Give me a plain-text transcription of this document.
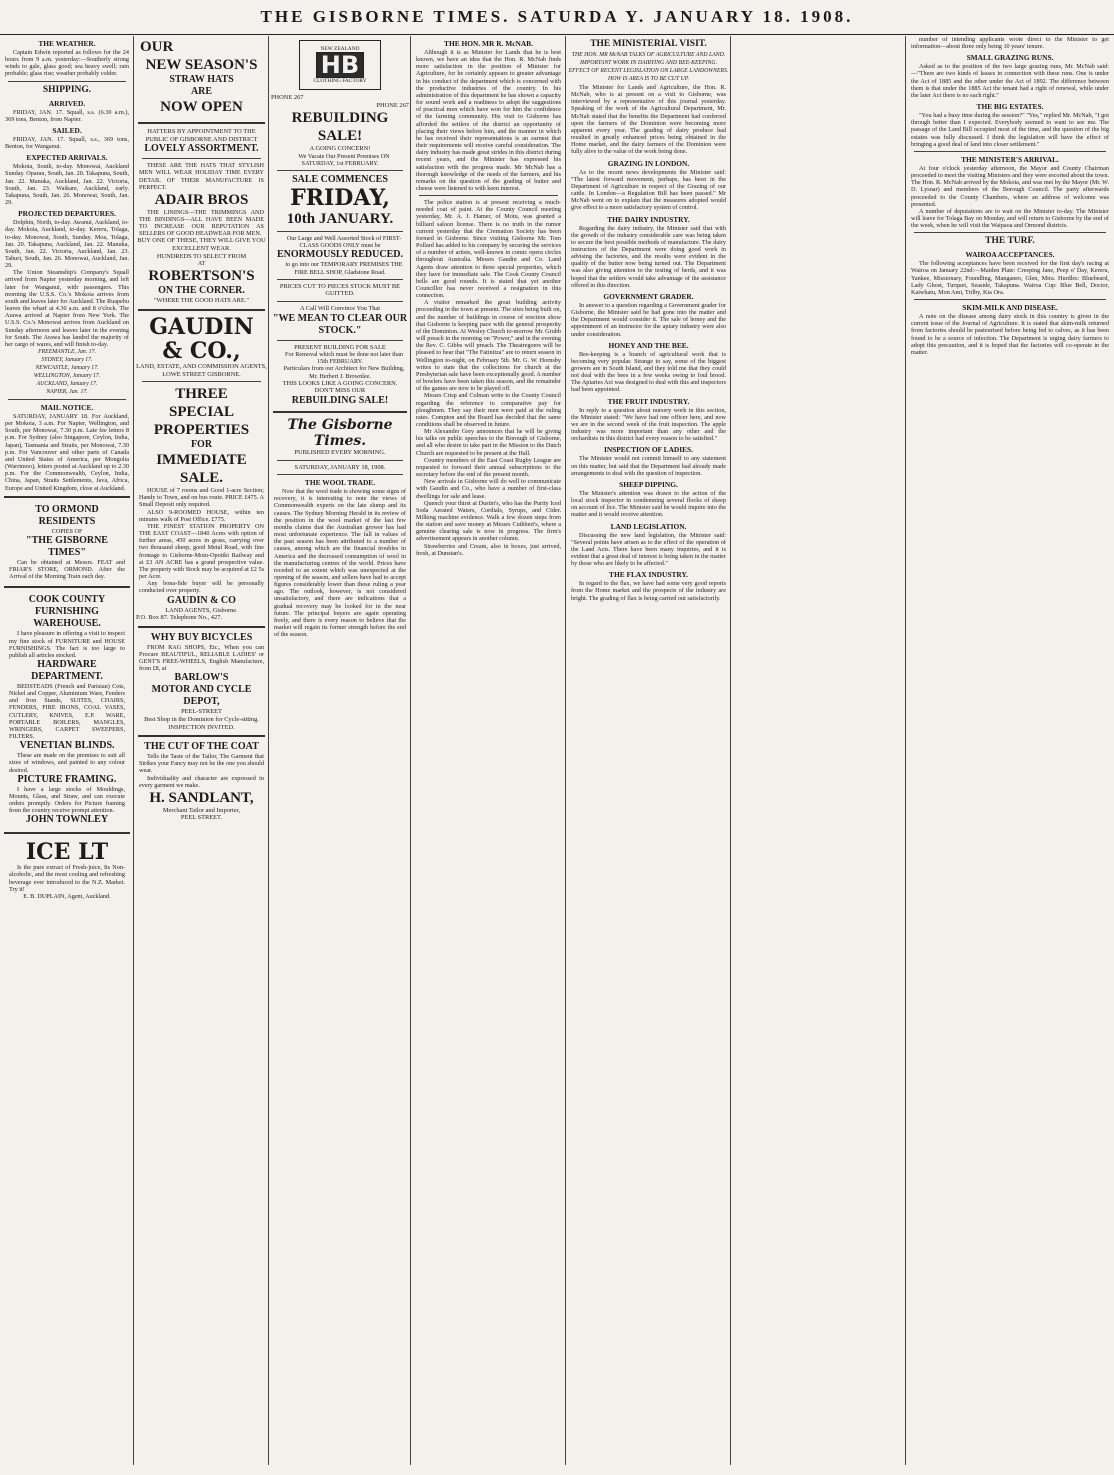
THE GISBORNE TIMES. SATURDA Y. JANUARY 18. 1908.
THE WEATHER.
Captain Edwin reported as follows for the 24 hours from 9 a.m. yesterday:—Southerly strong winds to gale, glass good; sea heavy swell; rain probable; glass rise; weather probably colder.
SHIPPING.
ARRIVED.
FRIDAY, JAN. 17. Squall, s.s. (6.30 a.m.), 369 tons, Benton, from Napier.
SAILED.
FRIDAY, JAN. 17. Squall, s.s., 369 tons, Benton, for Wanganui.
EXPECTED ARRIVALS.
Mokoia, South, to-day. Monowai, Auckland Sunday. Oparau, South, Jan. 20. Takapuna, South, Jan. 22. Manuka, Auckland, Jan. 22. Victoria, South, Jan. 23. Waikare, Auckland, early. Takapuna, South, Jan. 26. Monowai, South, Jan. 29.
PROJECTED DEPARTURES.
Dolphin, North, to-day. Awanui, Auckland, to-day. Mokoia, Auckland, to-day. Kereru, Tolaga, to-day. Monowai, South, Sunday. Moa, Tolaga, Jan. 20. Takapuna, Auckland, Jan. 22. Manuka, South, Jan. 22. Victoria, Auckland, Jan. 23. Tahuri, South, Jan. 26. Monowai, Auckland, Jan. 29.
The Union Steamship's Company's Squall arrived from Napier yesterday morning, and left later for Wanganui, with passengers. This morning the U.S.S. Co.'s Mokoia arrives from south and leaves later for Auckland. The Ruapehu leaves the wharf at 4.30 a.m. and 8 o'clock. The Arawa arrived at Napier from New York. The U.S.S. Co.'s Monowai arrives from Auckland on Sunday afternoon and leaves later in the evening for South. The Arawa has landed the majority of her cargo of wares, and will finish to-day.
FREEMANTLE, Jan. 17.
SYDNEY, January 17.
NEWCASTLE, January 17.
WELLINGTON, January 17.
AUCKLAND, January 17.
NAPIER, Jan. 17.
MAIL NOTICE.
SATURDAY, JANUARY 18. For Auckland, per Mokoia, 3 a.m. For Napier, Wellington, and South, per Monowai, 7.30 p.m. Late fee letters 8 p.m. For Sydney (also Singapore, Ceylon, India, Japan), Tasmania and Straits, per Monowai, 7.30 p.m. For Vancouver and other parts of Canada and United States of America, per Mongolia (Warrimoo), letters posted at Auckland up to 2.30 p.m. For the Commonwealth, Ceylon, India, China, Japan, Straits Settlements, Java, Africa, Europe and United Kingdom, close at Auckland.
TO ORMOND RESIDENTS
COPIES OF
"THE GISBORNE TIMES"
Can be obtained at Messrs. FEAT and FRIAR'S STORE, ORMOND. After the Arrival of the Morning Train each day.
COOK COUNTY FURNISHING WAREHOUSE.
I have pleasure in offering a visit to inspect my fine stock of FURNITURE and HOUSE FURNISHINGS. The fact is too large to publish all articles stocked.
HARDWARE DEPARTMENT.
BEDSTEADS (French and Parisian) Cots, Nickel and Copper, Aluminium Ware, Fenders and Iron Stands, SUITES, CHAIRS, FENDERS, FIRE IRONS, COAL VASES, CUTLERY, KNIVES, E.P. WARE, PORTABLE BOILERS, MANGLES, WRINGERS, CARPET SWEEPERS, FILTERS.
VENETIAN BLINDS.
These are made on the premises to suit all sizes of windows, and painted to any colour desired.
PICTURE FRAMING.
I have a large stocks of Mouldings, Mounts, Glass, and Straw, and can execute orders promptly. Orders for Picture framing from the country receive prompt attention.
JOHN TOWNLEY
ICE LT
Is the pure extract of Fresh-juice, Its Non-alcoholic, and the most cooling and refreshing beverage ever introduced to the N.Z. Market. Try it!
E. B. DUPLAIN, Agent, Auckland.
OUR
NEW SEASON'S
STRAW HATS
ARE
NOW OPEN
HATTERS BY APPOINTMENT TO THE PUBLIC OF GISBORNE AND DISTRICT
LOVELY ASSORTMENT.
THESE ARE THE HATS THAT STYLISH MEN WILL WEAR HOLIDAY TIME EVERY DETAIL OF THEIR MANUFACTURE IS PERFECT.
ADAIR BROS
THE LININGS—THE TRIMMINGS AND THE BINDINGS—ALL HAVE BEEN MADE TO INCREASE OUR REPUTATION AS SELLERS OF GOOD HEADWEAR FOR MEN.
BUY ONE OF THESE, THEY WILL GIVE YOU EXCELLENT WEAR.
HUNDREDS TO SELECT FROM
AT
ROBERTSON'S
ON THE CORNER.
"WHERE THE GOOD HATS ARE."
GAUDIN & CO.,
LAND, ESTATE, AND COMMISSION AGENTS,
LOWE STREET GISBORNE.
THREE
SPECIAL
PROPERTIES
FOR
IMMEDIATE
SALE.
HOUSE of 7 rooms and Good 1-acre Section; Handy to Town, and on bus route. PRICE £475. A Small Deposit only required.
ALSO 9-ROOMED HOUSE, within ten minutes walk of Post Office. £775.
THE FINEST STATION PROPERTY ON THE EAST COAST—1840 Acres with option of further areas, 450 acres in grass, carrying over two thousand sheep, good Metal Road, with fine frontage to Gisborne-Motu-Opotiki Railway and at £3 AN ACRE has a grand prospective value. The property with Stock may be acquired at £2 5s per Acre.
Any bona-fide buyer will be personally conducted over property.
GAUDIN & CO
LAND AGENTS, Gisborne.
P.O. Box 87. Telephone No., 427.
WHY BUY BICYCLES
FROM RAG SHOPS, Etc., When you can Procure BEAUTIFUL, RELIABLE LADIES' or GENT'S FREE-WHEELS, English Manufacture, from £8, at
BARLOW'S
MOTOR AND CYCLE DEPOT,
PEEL-STREET
Best Shop in the Dominion for Cycle-sitting. INSPECTION INVITED.
THE CUT OF THE COAT
Tells the Taste of the Tailor, The Garment that Strikes your Fancy may not be the one you should wear.
Individuality and character are expressed in every garment we make.
H. SANDLANT,
Merchant Tailor and Importer,
PEEL STREET.
NEW ZEALAND
HB
CLOTHING FACTORY
PHONE 267
PHONE 267
REBUILDING SALE!
A GOING CONCERN!
We Vacate Our Present Premises ON SATURDAY, 1st FEBRUARY.
SALE COMMENCES
FRIDAY,
10th JANUARY.
Our Large and Well Assorted Stock of FIRST-CLASS GOODS ONLY must be
ENORMOUSLY REDUCED.
to go into our TEMPORARY PREMISES THE FIRE BELL SHOP, Gladstone Road.
PRICES CUT TO PIECES STOCK MUST BE GUITTED.
A Call Will Convince You That
"WE MEAN TO CLEAR OUR STOCK."
PRESENT BUILDING FOR SALE
For Removal which must be done not later than 15th FEBRUARY.
Particulars from our Architect for New Building, Mr. Herbert J. Brownlee.
THIS LOOKS LIKE A GOING CONCERN.
DON'T MISS OUR
REBUILDING SALE!
The Gisborne Times.
PUBLISHED EVERY MORNING.
SATURDAY, JANUARY 18, 1908.
THE WOOL TRADE.
Now that the wool trade is showing some signs of recovery, it is interesting to note the views of Commonwealth experts on the late slump and its causes. The Sydney Morning Herald in its review of the position in the wool market of the last few months claims that the Australian grower has had most unfortunate experience. The fall in values of the past season has been attributed to a number of causes, among which are the financial troubles in America and the decreased consumption of wool in the manufacturing centres of the world. Prices have receded to an extent which was unexpected at the opening of the season, and sellers have had to accept figures considerably lower than those ruling a year ago. The outlook, however, is not considered unsatisfactory, and there are indications that a gradual recovery may be looked for in the near future. The principal buyers are again operating freely, and there is every reason to believe that the market will regain its former strength before the end of the season.
THE HON. MR R. McNAB.
Although it is as Minister for Lands that he is best known, we have an idea that the Hon. R. McNab finds more satisfaction in the position of Minister for Agriculture, for he certainly appears to greater advantage in his conduct of the department which is concerned with the productive industries of the country. In his administration of this department he has shown a capacity for sound work and a readiness to adopt the suggestions of practical men which have won for him the confidence of the farming community. His visit to Gisborne has afforded the settlers of the district an opportunity of placing their views before him, and the manner in which he has received their representations is an earnest that their requirements will receive careful consideration. The dairy industry has made great strides in this district during recent years, and the Minister has expressed his satisfaction with the progress made. Mr McNab has a thorough knowledge of the needs of the farmers, and his remarks on the question of the grading of butter and cheese were listened to with keen interest.
The police station is at present receiving a much-needed coat of paint. At the County Council meeting yesterday, Mr. A. J. Hamer, of Motu, was granted a billiard saloon license. There is no truth in the rumor current yesterday that the Cremation Society has been formed in Gisborne. Since visiting Gisborne Mr. Tom Pollard has added to his company by securing the services of a number of artists, well-known in comic opera circles throughout Australia. Messrs Gaudin and Co. Land Agents draw attention to three special properties, which they have for immediate sale. The Cook County Council bells are good rounds. It is stated that yet another Councillor has never received a resignation in this connection.
A visitor remarked the great building activity proceeding in the town at present. The sites being built on, and the number of buildings in course of erection show that Gisborne is keeping pace with the general prosperity of the Dominion. At Wesley Church to-morrow Mr. Grubb will preach in the morning on "Power," and in the evening the Rev. C. Gibbs will preach. The Theatregoers will be pleased to hear that "The Fatinitza" are to return season in Wellington to-night, on February 5th. Mr. G. W. Hornsby writes to state that the collections for church at the Presbyterian sale have been exceptionally good. A number of bowlers have been taken this season, and the remainder of the games are now to be played off.
Messrs Crisp and Colman write to the County Council regarding the reference to comparative pay for ploughmen. They say their men were paid at the ruling rates. Compton and the Board has decided that the same conditions shall be observed in future.
Mr Alexander Grey announces that he will be giving his talks on public speeches to the Borough of Gisborne, and all who desire to take part in the Mission to the Dutch Church are requested to be present at the Hall.
Country members of the East Coast Rugby League are requested to forward their annual subscriptions to the secretary before the end of the present month.
New arrivals in Gisborne will do well to communicate with Gaudin and Co., who have a number of first-class dwellings for sale and lease.
Quench your thirst at Dustin's, who has the Purity Iced Soda Aerated Waters, Cordials, Syrups, and Cider. Milking machine evidence. Walk a few dozen steps from the station and save money at Messrs Cuthbert's, where a genuine clearing sale is now in progress. The firm's advertisement appears in another column.
Strawberries and Cream, also in boxes, just arrived, fresh, at Dunstan's.
THE MINISTERIAL VISIT.
THE HON. MR McNAB TALKS OF AGRICULTURE AND LAND.
IMPORTANT WORK IN DAIRYING AND BEE-KEEPING.
EFFECT OF RECENT LEGISLATION ON LARGE LANDOWNERS.
HOW IS AREA IS TO BE CUT UP.
The Minister for Lands and Agriculture, the Hon. R. McNab, who is at present on a visit to Gisborne, was interviewed by a representative of this journal yesterday. Speaking of the work of the Agricultural Department, Mr. McNab stated that the benefits the Department had conferred upon the farmers of the Dominion were becoming more apparent every year. The grading of dairy produce had resulted in greatly enhanced prices being obtained in the Home market, and the dairy farmers of the Dominion were fully alive to the value of the work being done.
GRAZING IN LONDON.
As to the recent news developments the Minister said: "The latest forward movement, perhaps, has been in the Department of Agriculture in respect of the Grazing of our cattle. In London—a Regulation Bill has been passed." Mr McNab went on to explain that the measures adopted would give effect to a more satisfactory system of control.
THE DAIRY INDUSTRY.
Regarding the dairy industry, the Minister said that with the growth of the industry considerable care was being taken to secure the best possible methods of manufacture. The dairy instructors of the Department were doing good work in advising the factories, and the results were evident in the quality of the butter now being turned out. The Department was also giving attention to the testing of herds, and it was hoped that the settlers would take advantage of the assistance offered in this direction.
GOVERNMENT GRADER.
In answer to a question regarding a Government grader for Gisborne, the Minister said he had gone into the matter and the Department would consider it. The sale of honey and the appointment of an instructor for the apiary industry were also under consideration.
HONEY AND THE BEE.
Bee-keeping is a branch of agricultural work that is becoming very popular. Strange to say, some of the biggest growers are in South Island, and they told me that they could not deal with the bees in a few weeks owing to foul brood. The Apiaries Act was designed to deal with this and inspectors had been appointed.
THE FRUIT INDUSTRY.
In reply to a question about nursery work in this section, the Minister stated: "We have had one officer here, and now we are in the second week of the fruit inspection. The apple industry was more important than any other and the orchardists in this district had every reason to be satisfied."
INSPECTION OF LADIES.
The Minister would not commit himself to any statement on this matter, but said that the Department had already made arrangements to deal with the question of inspection.
SHEEP DIPPING.
The Minister's attention was drawn to the action of the local stock inspector in condemning several flocks of sheep on account of lice. The Minister said he would inquire into the matter and it would receive attention.
LAND LEGISLATION.
Discussing the new land legislation, the Minister said: "Several points have arisen as to the effect of the operation of the Land Acts. There have been many inquiries, and it is evident that a great deal of interest is being taken in the matter by those who are likely to be affected."
THE FLAX INDUSTRY.
In regard to the flax, we have had some very good reports from the Home market and the prospects of the industry are bright. The grading of flax is being carried out satisfactorily.
number of intending applicants wrote direct to the Minister to get information—about three only being 10 years' tenure.
SMALL GRAZING RUNS.
Asked as to the position of the two large grazing runs, Mr. McNab said:—"There are two kinds of leases in connection with these runs. One is under the Act of 1885 and the other under the Act of 1892. The difference between them is that under the 1885 Act the tenant had a right of renewal, while under the later Act there is no such right."
THE BIG ESTATES.
"You had a busy time during the session?" "Yes," replied Mr. McNab, "I got through better than I expected. Everybody seemed to want to see me. The passage of the Land Bill occupied most of the time, and the question of the big estates was fully discussed. I think the legislation will have the effect of bringing a good deal of land into closer settlement."
THE MINISTER'S ARRIVAL.
At four o'clock yesterday afternoon, the Mayor and County Chairman proceeded to meet the visiting Ministers and they were escorted about the town. The Hon. R. McNab arrived by the Mokoia, and was met by the Mayor (Mr. W. D. Lysnar) and members of the Borough Council. The party afterwards proceeded to the County Chambers, where an address of welcome was presented.
A number of deputations are to wait on the Minister to-day. The Minister will leave for Tolaga Bay on Monday, and will return to Gisborne by the end of the week, when he will visit the Waipaoa and Ormond districts.
THE TURF.
WAIROA ACCEPTANCES.
The following acceptances have been received for the first day's racing at Wairoa on January 22nd:—Maiden Plate: Creeping Jane, Peep o' Day, Kereru, Yankee, Missionary, Foundling, Manganeo, Glen, Mira. Hurdles: Bluebeard, Lady Ghost, Turquet, Seaside, Takapuna. Wairoa Cup: Blue Bell, Doctor, Kaiwhatu, Mon Ami, Trilby, Kia Ora.
SKIM-MILK AND DISEASE.
A note on the disease among dairy stock in this country is given in the current issue of the Journal of Agriculture. It is stated that skim-milk returned from factories should be pasteurised before being fed to calves, as it has been found to be a source of infection. The Department is urging dairy farmers to adopt this precaution, and it is hoped that the factories will co-operate in the matter.
